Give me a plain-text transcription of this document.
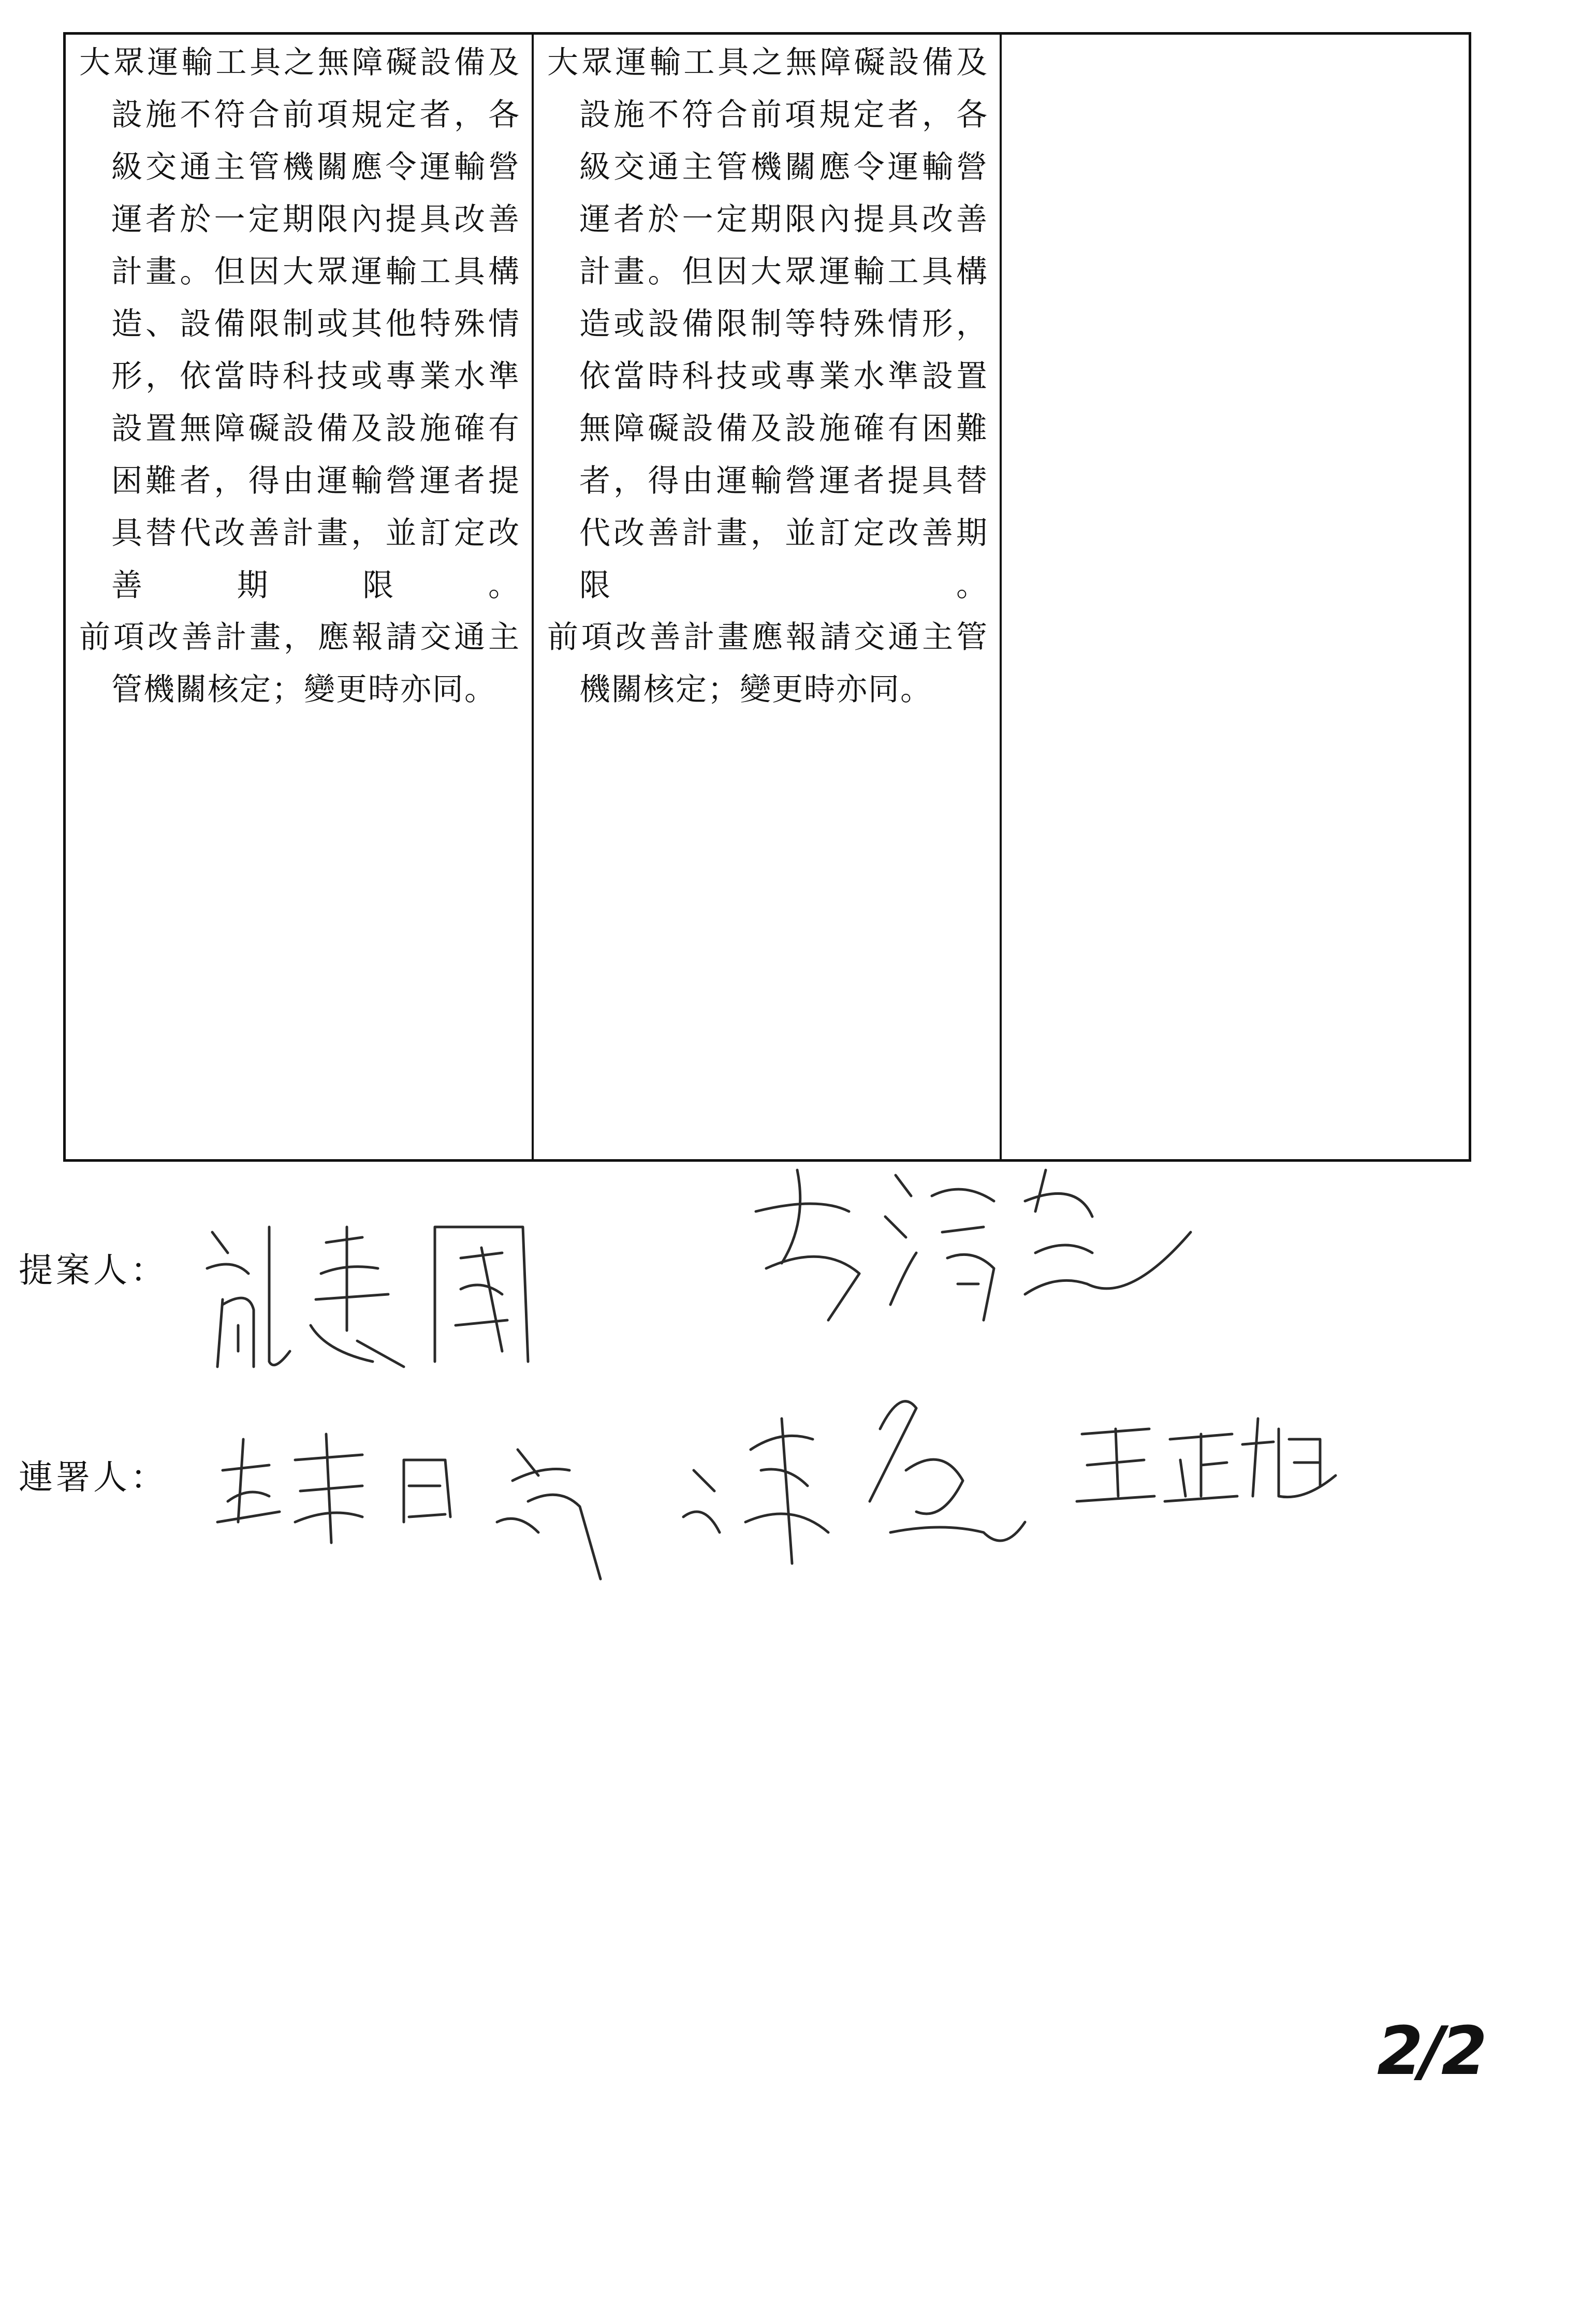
大眾運輸工具之無障礙設備及設施不符合前項規定者，各級交通主管機關應令運輸營運者於一定期限內提具改善計畫。但因大眾運輸工具構造、設備限制或其他特殊情形，依當時科技或專業水準設置無障礙設備及設施確有困難者，得由運輸營運者提具替代改善計畫，並訂定改善期限。

前項改善計畫，應報請交通主管機關核定；變更時亦同。

大眾運輸工具之無障礙設備及設施不符合前項規定者，各級交通主管機關應令運輸營運者於一定期限內提具改善計畫。但因大眾運輸工具構造或設備限制等特殊情形，依當時科技或專業水準設置無障礙設備及設施確有困難者，得由運輸營運者提具替代改善計畫，並訂定改善期限。

前項改善計畫應報請交通主管機關核定；變更時亦同。

提案人：
連署人：
2/2
